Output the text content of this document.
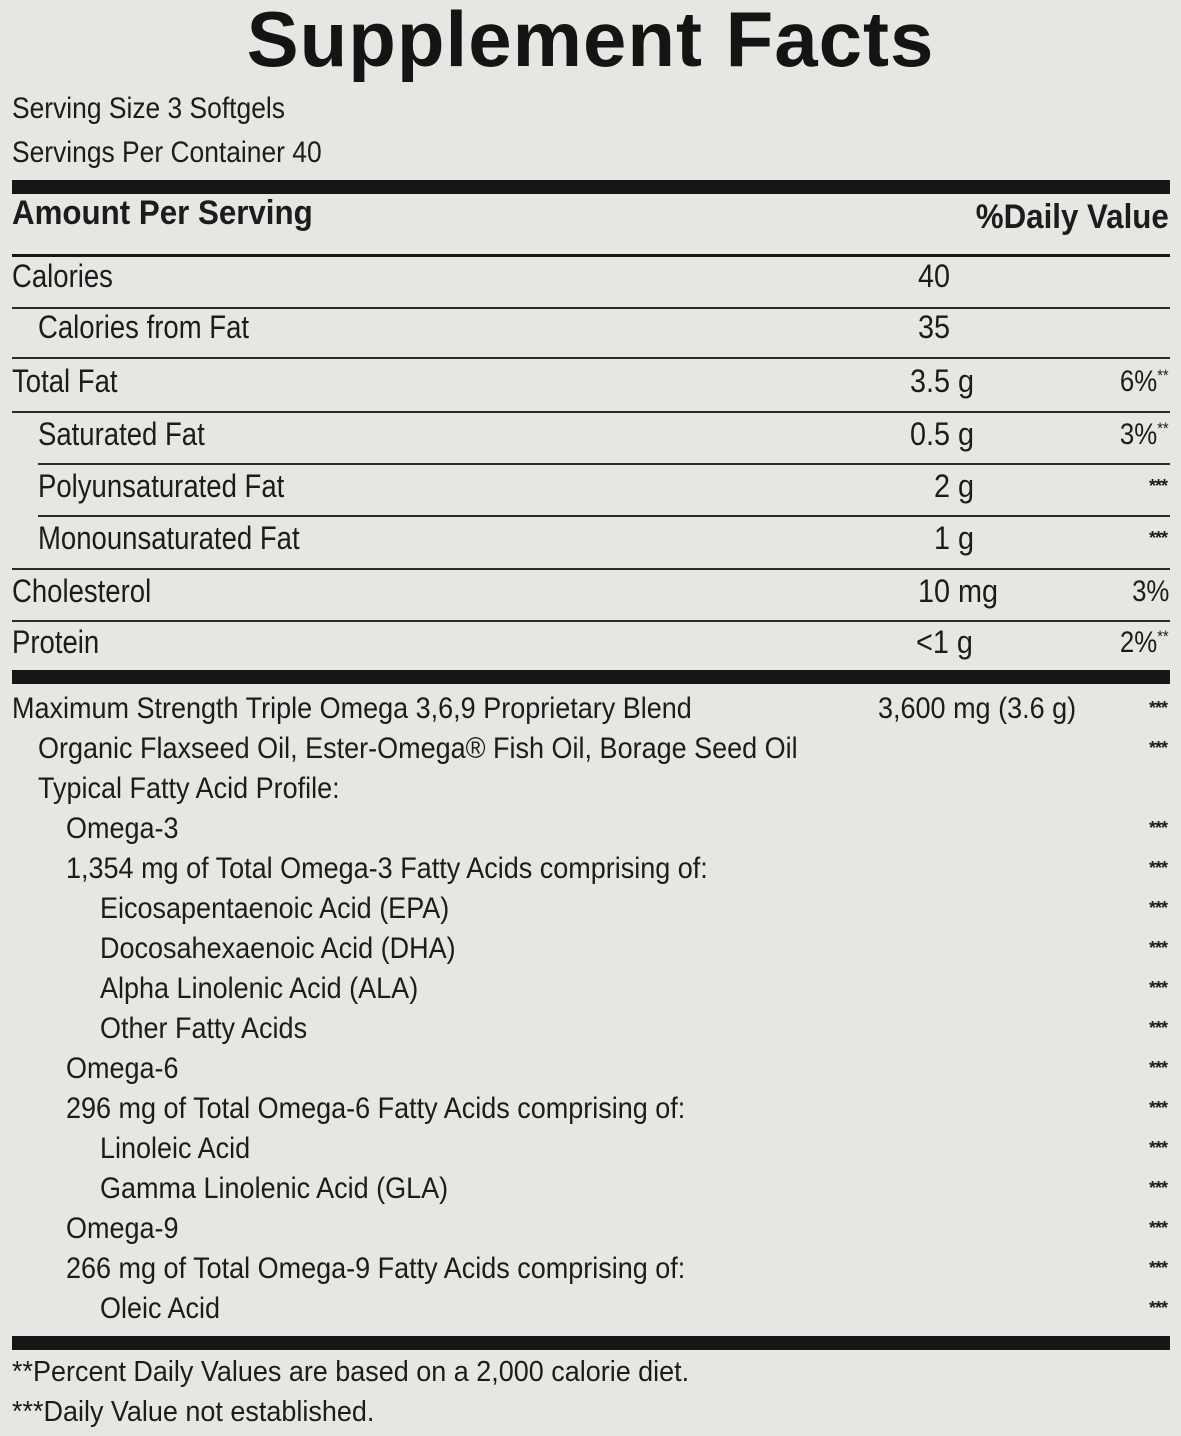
Supplement Facts
Serving Size 3 Softgels
Servings Per Container 40
Amount Per Serving	%Daily Value
Calories	40
Calories from Fat	35
Total Fat	3.5 g	6%**
Saturated Fat	0.5 g	3%**
Polyunsaturated Fat	2 g	***
Monounsaturated Fat	1 g	***
Cholesterol	10 mg	3%
Protein	<1 g	2%**
Maximum Strength Triple Omega 3,6,9 Proprietary Blend	3,600 mg (3.6 g)	***
Organic Flaxseed Oil, Ester-Omega® Fish Oil, Borage Seed Oil	***
Typical Fatty Acid Profile:
Omega-3	***
1,354 mg of Total Omega-3 Fatty Acids comprising of:	***
Eicosapentaenoic Acid (EPA)	***
Docosahexaenoic Acid (DHA)	***
Alpha Linolenic Acid (ALA)	***
Other Fatty Acids	***
Omega-6	***
296 mg of Total Omega-6 Fatty Acids comprising of:	***
Linoleic Acid	***
Gamma Linolenic Acid (GLA)	***
Omega-9	***
266 mg of Total Omega-9 Fatty Acids comprising of:	***
Oleic Acid	***
**Percent Daily Values are based on a 2,000 calorie diet.
***Daily Value not established.
